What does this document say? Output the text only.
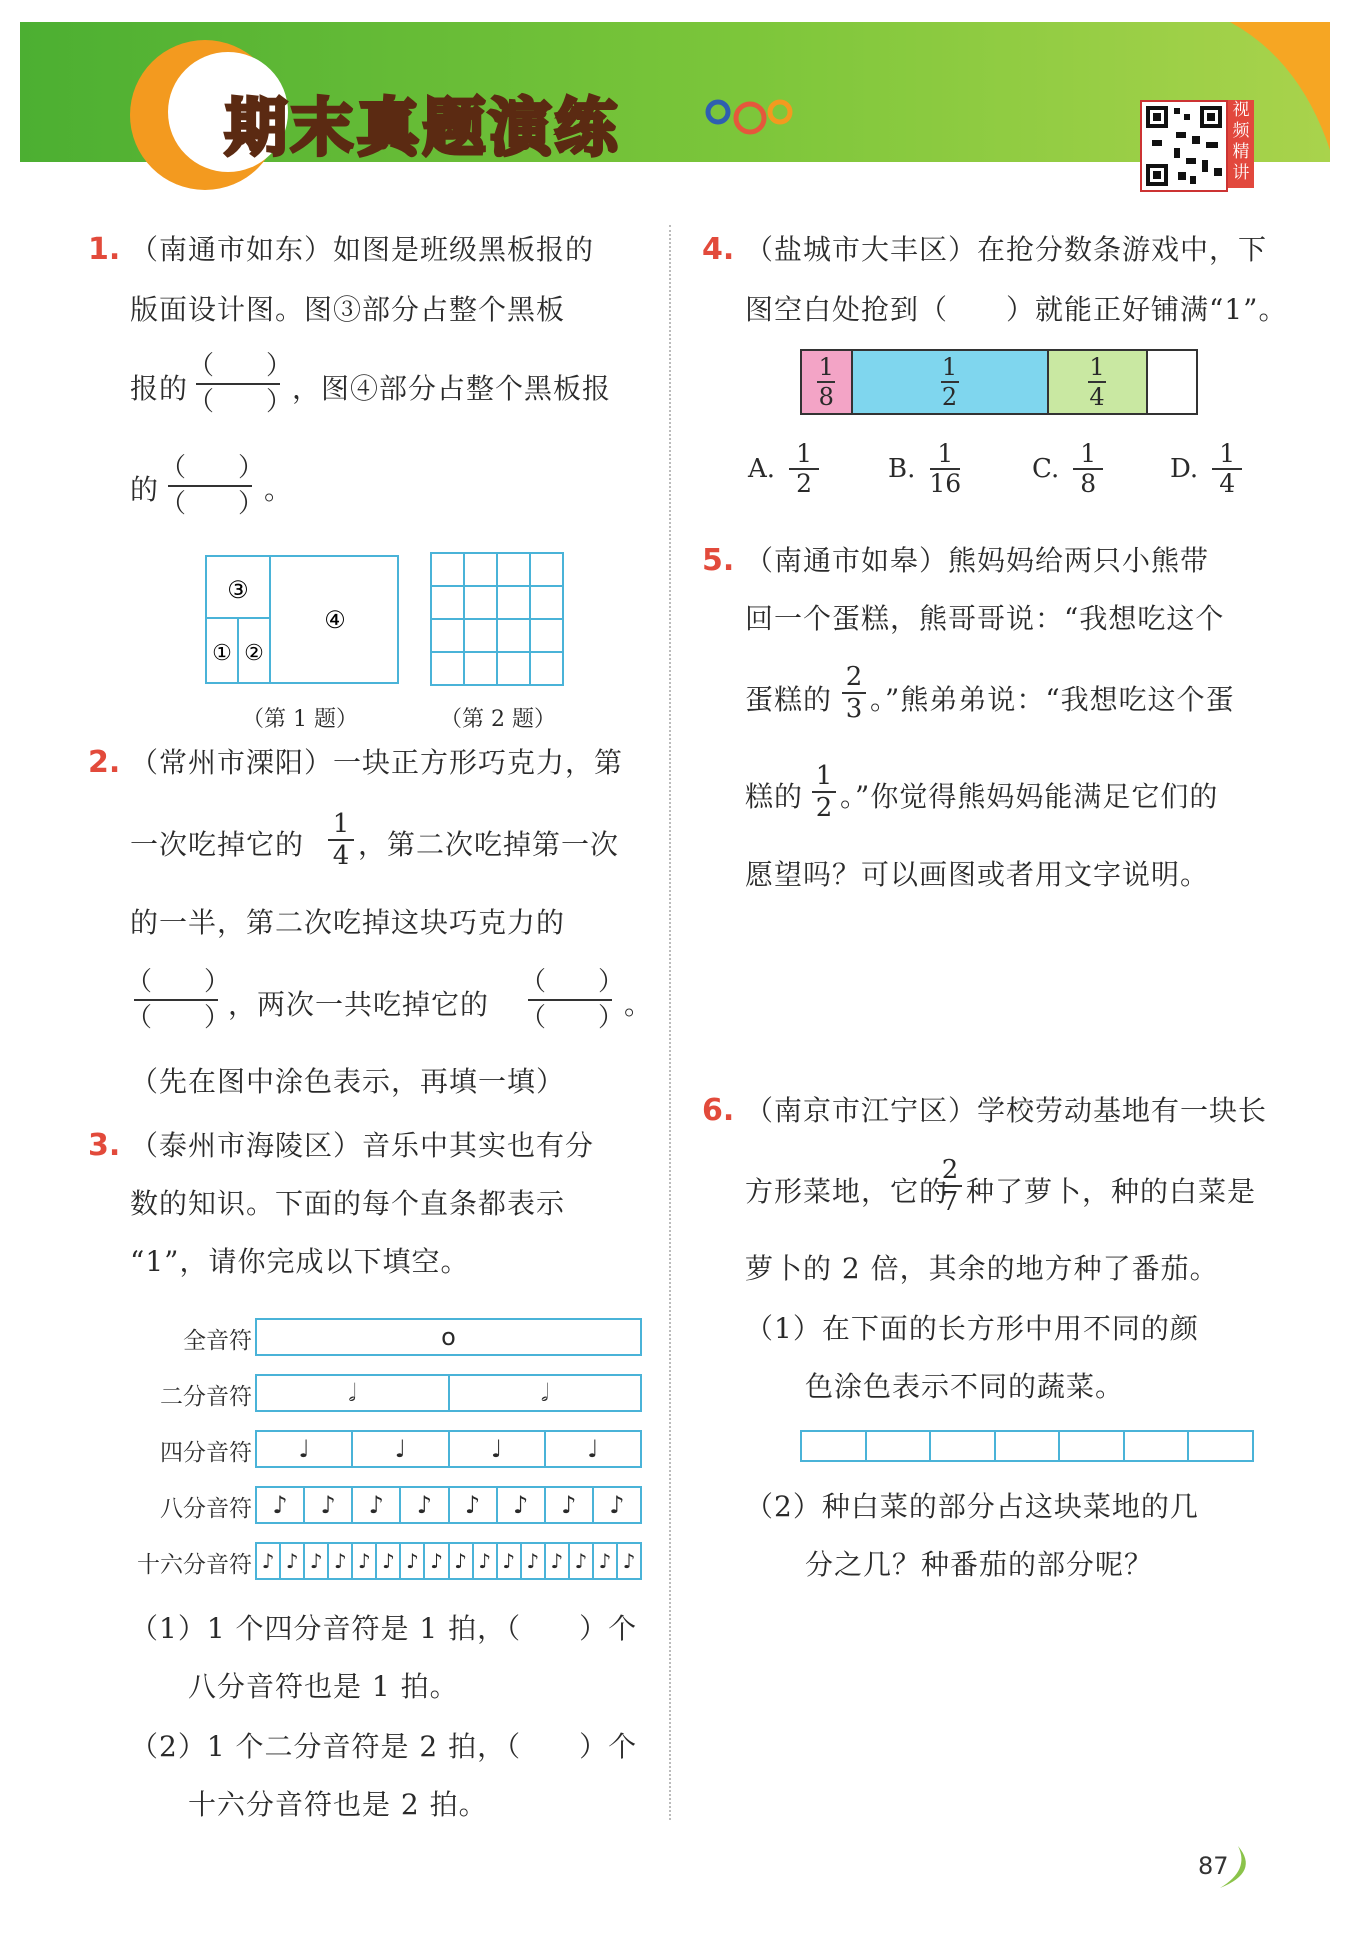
期末真题演练	视频精讲
1. （南通市如东）如图是班级黑板报的
版面设计图。图③部分占整个黑板
报的
（　　）
（　　） ，图④部分占整个黑板报
的
（　　）
（　　） 。
③
④
① ②
（第 1 题）	（第 2 题）
2. （常州市溧阳）一块正方形巧克力，第
一次吃掉它的
1
4 ，第二次吃掉第一次
的一半，第二次吃掉这块巧克力的
（　　）
（　　）
，两次一共吃掉它的
（　　）
（　　） 。
（先在图中涂色表示，再填一填）
3. （泰州市海陵区）音乐中其实也有分
数的知识。下面的每个直条都表示
“1”，请你完成以下填空。
全音符	o
二分音符	𝅗𝅥	𝅗𝅥
四分音符	♩	♩	♩	♩
八分音符 ♪	♪	♪	♪	♪	♪	♪	♪
十六分音符 ♪ ♪ ♪ ♪ ♪ ♪ ♪ ♪ ♪ ♪ ♪ ♪ ♪ ♪ ♪ ♪
（1）1 个四分音符是 1 拍，（　　）个
八分音符也是 1 拍。
（2）1 个二分音符是 2 拍，（　　）个
十六分音符也是 2 拍。
4. （盐城市大丰区）在抢分数条游戏中，下
图空白处抢到（　　）就能正好铺满“1”。
1
8
1
2
1
4
A.
1
2	B.
1
16	C.
1
8	D.
1
4
5. （南通市如皋）熊妈妈给两只小熊带
回一个蛋糕，熊哥哥说：“我想吃这个
蛋糕的
2
3 。”熊弟弟说：“我想吃这个蛋
糕的
1
2 。”你觉得熊妈妈能满足它们的
愿望吗？可以画图或者用文字说明。
6. （南京市江宁区）学校劳动基地有一块长
方形菜地，它的
2
7 种了萝卜，种的白菜是
萝卜的 2 倍，其余的地方种了番茄。
（1）在下面的长方形中用不同的颜
色涂色表示不同的蔬菜。
（2）种白菜的部分占这块菜地的几
分之几？种番茄的部分呢？
87
